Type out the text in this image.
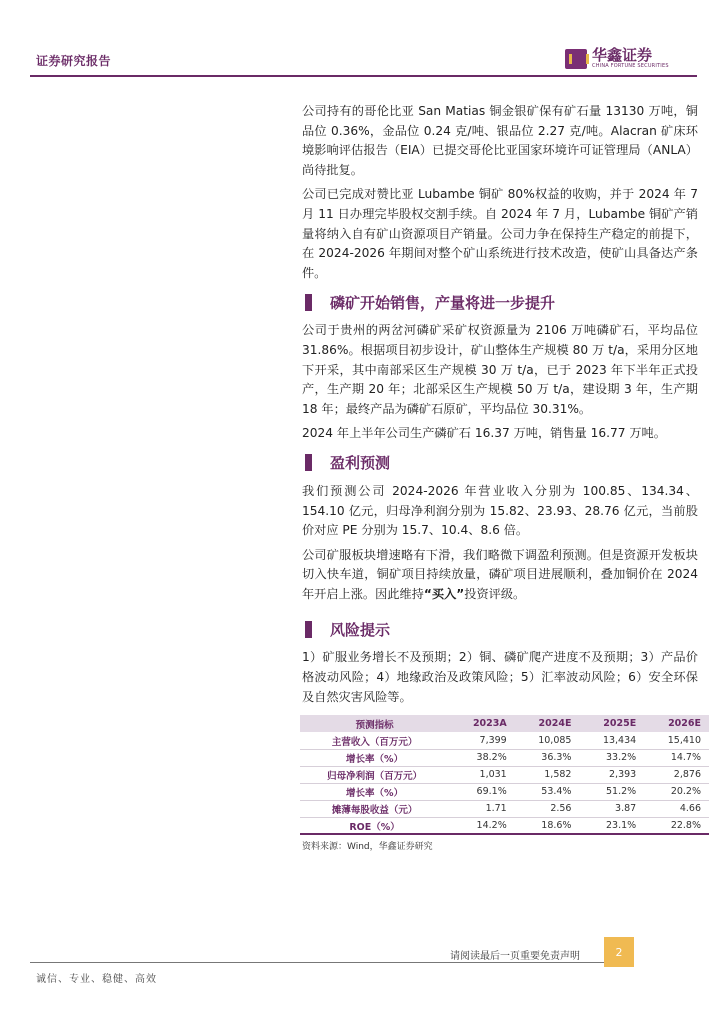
证券研究报告	华鑫证券
CHINA FORTUNE SECURITIES

公司持有的哥伦比亚 San Matias 铜金银矿保有矿石量 13130 万吨，铜品位 0.36%，金品位 0.24 克/吨、银品位 2.27 克/吨。Alacran 矿床环境影响评估报告（EIA）已提交哥伦比亚国家环境许可证管理局（ANLA）尚待批复。

公司已完成对赞比亚 Lubambe 铜矿 80%权益的收购，并于 2024 年 7 月 11 日办理完毕股权交割手续。自 2024 年 7 月，Lubambe 铜矿产销量将纳入自有矿山资源项目产销量。公司力争在保持生产稳定的前提下，在 2024-2026 年期间对整个矿山系统进行技术改造，使矿山具备达产条件。

磷矿开始销售，产量将进一步提升

公司于贵州的两岔河磷矿采矿权资源量为 2106 万吨磷矿石，平均品位 31.86%。根据项目初步设计，矿山整体生产规模 80 万 t/a，采用分区地下开采，其中南部采区生产规模 30 万 t/a，已于 2023 年下半年正式投产，生产期 20 年；北部采区生产规模 50 万 t/a，建设期 3 年，生产期 18 年；最终产品为磷矿石原矿，平均品位 30.31%。

2024 年上半年公司生产磷矿石 16.37 万吨，销售量 16.77 万吨。

盈利预测

我们预测公司 2024-2026 年营业收入分别为 100.85、134.34、154.10 亿元，归母净利润分别为 15.82、23.93、28.76 亿元，当前股价对应 PE 分别为 15.7、10.4、8.6 倍。

公司矿服板块增速略有下滑，我们略微下调盈利预测。但是资源开发板块切入快车道，铜矿项目持续放量，磷矿项目进展顺利，叠加铜价在 2024 年开启上涨。因此维持“买入”投资评级。

风险提示

1）矿服业务增长不及预期；2）铜、磷矿爬产进度不及预期；3）产品价格波动风险；4）地缘政治及政策风险；5）汇率波动风险；6）安全环保及自然灾害风险等。

预测指标	2023A	2024E	2025E	2026E
主营收入（百万元）	7,399	10,085	13,434	15,410
增长率（%）	38.2%	36.3%	33.2%	14.7%
归母净利润（百万元）	1,031	1,582	2,393	2,876
增长率（%）	69.1%	53.4%	51.2%	20.2%
摊薄每股收益（元）	1.71	2.56	3.87	4.66
ROE（%）	14.2%	18.6%	23.1%	22.8%
资料来源：Wind，华鑫证券研究
请阅读最后一页重要免责声明	2
诚信、专业、稳健、高效
